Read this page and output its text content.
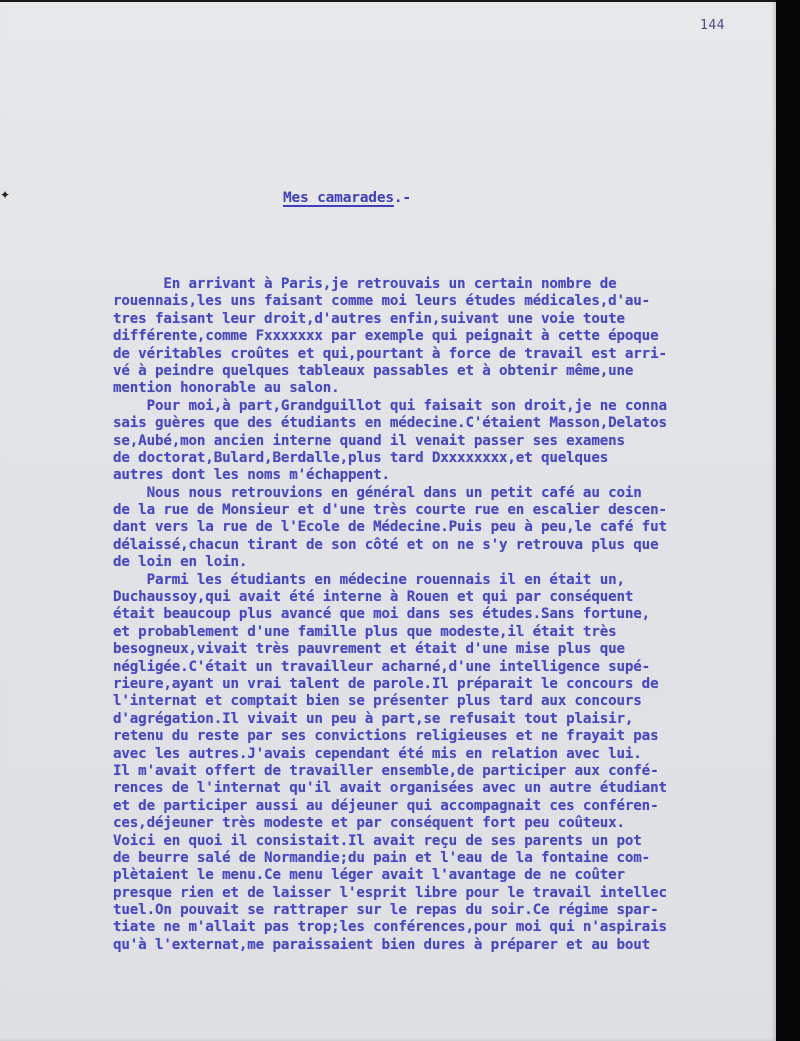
✦
144
Mes camarades.-
En arrivant à Paris,je retrouvais un certain nombre de
rouennais,les uns faisant comme moi leurs études médicales,d'au-
tres faisant leur droit,d'autres enfin,suivant une voie toute
différente,comme Fxxxxxxx par exemple qui peignait à cette époque
de véritables croûtes et qui,pourtant à force de travail est arri-
vé à peindre quelques tableaux passables et à obtenir même,une
mention honorable au salon.
Pour moi,à part,Grandguillot qui faisait son droit,je ne conna
sais guères que des étudiants en médecine.C'étaient Masson,Delatos
se,Aubé,mon ancien interne quand il venait passer ses examens
de doctorat,Bulard,Berdalle,plus tard Dxxxxxxxx,et quelques
autres dont les noms m'échappent.
Nous nous retrouvions en général dans un petit café au coin
de la rue de Monsieur et d'une très courte rue en escalier descen-
dant vers la rue de l'Ecole de Médecine.Puis peu à peu,le café fut
délaissé,chacun tirant de son côté et on ne s'y retrouva plus que
de loin en loin.
Parmi les étudiants en médecine rouennais il en était un,
Duchaussoy,qui avait été interne à Rouen et qui par conséquent
était beaucoup plus avancé que moi dans ses études.Sans fortune,
et probablement d'une famille plus que modeste,il était très
besogneux,vivait très pauvrement et était d'une mise plus que
négligée.C'était un travailleur acharné,d'une intelligence supé-
rieure,ayant un vrai talent de parole.Il préparait le concours de
l'internat et comptait bien se présenter plus tard aux concours
d'agrégation.Il vivait un peu à part,se refusait tout plaisir,
retenu du reste par ses convictions religieuses et ne frayait pas
avec les autres.J'avais cependant été mis en relation avec lui.
Il m'avait offert de travailler ensemble,de participer aux confé-
rences de l'internat qu'il avait organisées avec un autre étudiant
et de participer aussi au déjeuner qui accompagnait ces conféren-
ces,déjeuner très modeste et par conséquent fort peu coûteux.
Voici en quoi il consistait.Il avait reçu de ses parents un pot
de beurre salé de Normandie;du pain et l'eau de la fontaine com-
plètaient le menu.Ce menu léger avait l'avantage de ne coûter
presque rien et de laisser l'esprit libre pour le travail intellec
tuel.On pouvait se rattraper sur le repas du soir.Ce régime spar-
tiate ne m'allait pas trop;les conférences,pour moi qui n'aspirais
qu'à l'externat,me paraissaient bien dures à préparer et au bout
